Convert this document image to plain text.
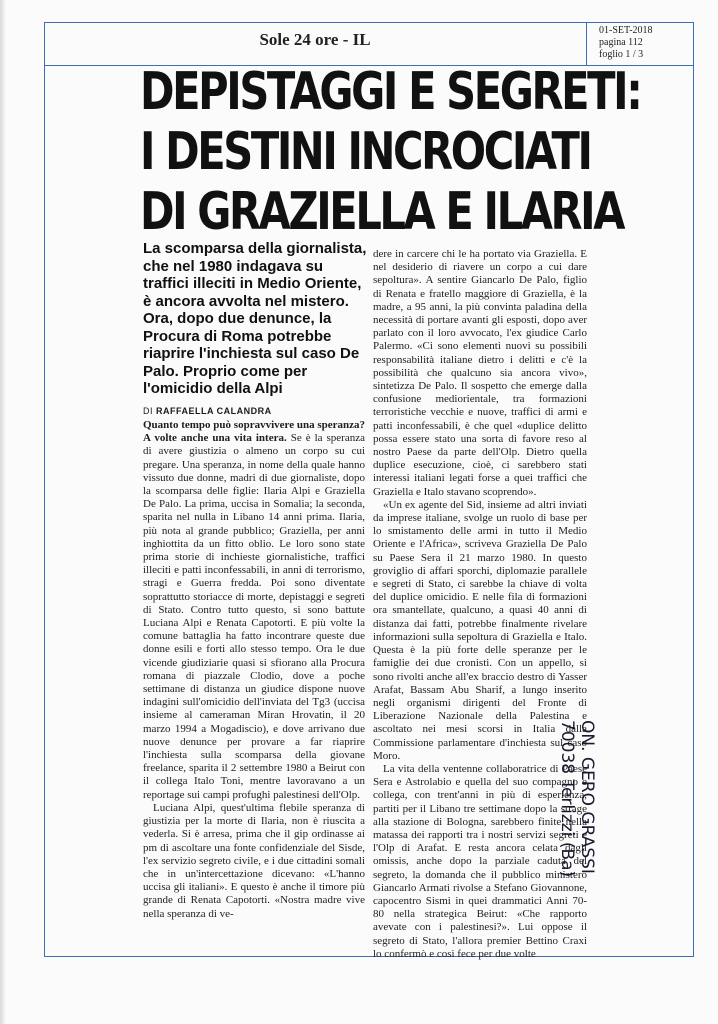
Sole 24 ore - IL	01-SET-2018
pagina 112
foglio 1 / 3
DEPISTAGGI E SEGRETI:
I DESTINI INCROCIATI
DI GRAZIELLA E ILARIA
La scomparsa della giornalista, che nel 1980 indagava su traffici illeciti in Medio Oriente, è ancora avvolta nel mistero. Ora, dopo due denunce, la Procura di Roma potrebbe riaprire l'inchiesta sul caso De Palo. Proprio come per l'omicidio della Alpi
DI RAFFAELLA CALANDRA

Quanto tempo può sopravvivere una speranza? A volte anche una vita intera. Se è la speranza di avere giustizia o almeno un corpo su cui pregare. Una speranza, in nome della quale hanno vissuto due donne, madri di due giornaliste, dopo la scomparsa delle figlie: Ilaria Alpi e Graziella De Palo. La prima, uccisa in Somalia; la seconda, sparita nel nulla in Libano 14 anni prima. Ilaria, più nota al grande pubblico; Graziella, per anni inghiottita da un fitto oblio. Le loro sono state prima storie di inchieste giornalistiche, traffici illeciti e patti inconfessabili, in anni di terrorismo, stragi e Guerra fredda. Poi sono diventate soprattutto storiacce di morte, depistaggi e segreti di Stato. Contro tutto questo, si sono battute Luciana Alpi e Renata Capotorti. E più volte la comune battaglia ha fatto incontrare queste due donne esili e forti allo stesso tempo. Ora le due vicende giudiziarie quasi si sfiorano alla Procura romana di piazzale Clodio, dove a poche settimane di distanza un giudice dispone nuove indagini sull'omicidio dell'inviata del Tg3 (uccisa insieme al cameraman Miran Hrovatin, il 20 marzo 1994 a Mogadiscio), e dove arrivano due nuove denunce per provare a far riaprire l'inchiesta sulla scomparsa della giovane freelance, sparita il 2 settembre 1980 a Beirut con il collega Italo Toni, mentre lavoravano a un reportage sui campi profughi palestinesi dell'Olp.

Luciana Alpi, quest'ultima flebile speranza di giustizia per la morte di Ilaria, non è riuscita a vederla. Si è arresa, prima che il gip ordinasse ai pm di ascoltare una fonte confidenziale del Sisde, l'ex servizio segreto civile, e i due cittadini somali che in un'intercettazione dicevano: «L'hanno uccisa gli italiani». E questo è anche il timore più grande di Renata Capotorti. «Nostra madre vive nella speranza di ve-

dere in carcere chi le ha portato via Graziella. E nel desiderio di riavere un corpo a cui dare sepoltura». A sentire Giancarlo De Palo, figlio di Renata e fratello maggiore di Graziella, è la madre, a 95 anni, la più convinta paladina della necessità di portare avanti gli esposti, dopo aver parlato con il loro avvocato, l'ex giudice Carlo Palermo. «Ci sono elementi nuovi su possibili responsabilità italiane dietro i delitti e c'è la possibilità che qualcuno sia ancora vivo», sintetizza De Palo. Il sospetto che emerge dalla confusione mediorientale, tra formazioni terroristiche vecchie e nuove, traffici di armi e patti inconfessabili, è che quel «duplice delitto possa essere stato una sorta di favore reso al nostro Paese da parte dell'Olp. Dietro quella duplice esecuzione, cioè, ci sarebbero stati interessi italiani legati forse a quei traffici che Graziella e Italo stavano scoprendo».

«Un ex agente del Sid, insieme ad altri inviati da imprese italiane, svolge un ruolo di base per lo smistamento delle armi in tutto il Medio Oriente e l'Africa», scriveva Graziella De Palo su Paese Sera il 21 marzo 1980. In questo groviglio di affari sporchi, diplomazie parallele e segreti di Stato, ci sarebbe la chiave di volta del duplice omicidio. E nelle fila di formazioni ora smantellate, qualcuno, a quasi 40 anni di distanza dai fatti, potrebbe finalmente rivelare informazioni sulla sepoltura di Graziella e Italo. Questa è la più forte delle speranze per le famiglie dei due cronisti. Con un appello, si sono rivolti anche all'ex braccio destro di Yasser Arafat, Bassam Abu Sharif, a lungo inserito negli organismi dirigenti del Fronte di Liberazione Nazionale della Palestina e ascoltato nei mesi scorsi in Italia dalla Commissione parlamentare d'inchiesta sul caso Moro.

La vita della ventenne collaboratrice di Paese Sera e Astrolabio e quella del suo compagno e collega, con trent'anni in più di esperienza, partiti per il Libano tre settimane dopo la strage alla stazione di Bologna, sarebbero finite nella matassa dei rapporti tra i nostri servizi segreti e l'Olp di Arafat. E resta ancora celata dagli omissis, anche dopo la parziale caduta del segreto, la domanda che il pubblico ministero Giancarlo Armati rivolse a Stefano Giovannone, capocentro Sismi in quei drammatici Anni 70-80 nella strategica Beirut: «Che rapporto avevate con i palestinesi?». Lui oppose il segreto di Stato, l'allora premier Bettino Craxi lo confermò e così fece per due volte

ON. GERO GRASSI
70038 Terlizzi (Ba)
